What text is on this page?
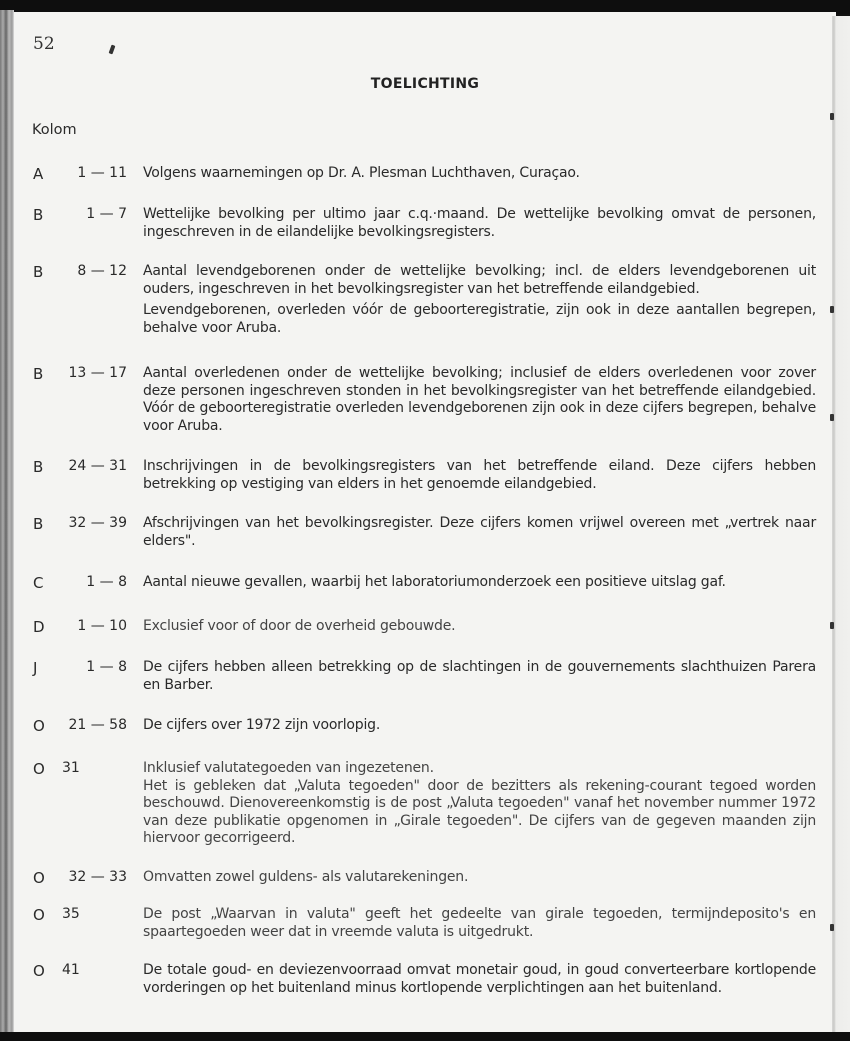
52
TOELICHTING
Kolom
A	1 — 11 Volgens waarnemingen op Dr. A. Plesman Luchthaven, Curaçao.

B	1 — 7 Wettelijke bevolking per ultimo jaar c.q.·maand. De wettelijke bevolking omvat de personen, ingeschreven in de eilandelijke bevolkingsregisters.

B	8 — 12 Aantal levendgeborenen onder de wettelijke bevolking; incl. de elders levendgeborenen uit ouders, ingeschreven in het bevolkingsregister van het betreffende eilandgebied.

Levendgeborenen, overleden vóór de geboorteregistratie, zijn ook in deze aantallen begrepen, behalve voor Aruba.

B	13 — 17 Aantal overledenen onder de wettelijke bevolking; inclusief de elders overledenen voor zover deze personen ingeschreven stonden in het bevolkingsregister van het betreffende eilandgebied. Vóór de geboorteregistratie overleden levendgeborenen zijn ook in deze cijfers begrepen, behalve voor Aruba.

B	24 — 31 Inschrijvingen in de bevolkingsregisters van het betreffende eiland. Deze cijfers hebben betrekking op vestiging van elders in het genoemde eilandgebied.

B	32 — 39 Afschrijvingen van het bevolkingsregister. Deze cijfers komen vrijwel overeen met „vertrek naar elders".

C	1 — 8 Aantal nieuwe gevallen, waarbij het laboratoriumonderzoek een positieve uitslag gaf.

D	1 — 10 Exclusief voor of door de overheid gebouwde.

J	1 — 8 De cijfers hebben alleen betrekking op de slachtingen in de gouvernements slachthuizen Parera en Barber.

O	21 — 58 De cijfers over 1972 zijn voorlopig.

O	31	Inklusief valutategoeden van ingezetenen.

Het is gebleken dat „Valuta tegoeden" door de bezitters als rekening-courant tegoed worden beschouwd. Dienovereenkomstig is de post „Valuta tegoeden" vanaf het november nummer 1972 van deze publikatie opgenomen in „Girale tegoeden". De cijfers van de gegeven maanden zijn hiervoor gecorrigeerd.

O	32 — 33 Omvatten zowel guldens- als valutarekeningen.

O	35	De post „Waarvan in valuta" geeft het gedeelte van girale tegoeden, termijndeposito's en spaartegoeden weer dat in vreemde valuta is uitgedrukt.

O	41	De totale goud- en deviezenvoorraad omvat monetair goud, in goud converteerbare kortlopende vorderingen op het buitenland minus kortlopende verplichtingen aan het buitenland.
